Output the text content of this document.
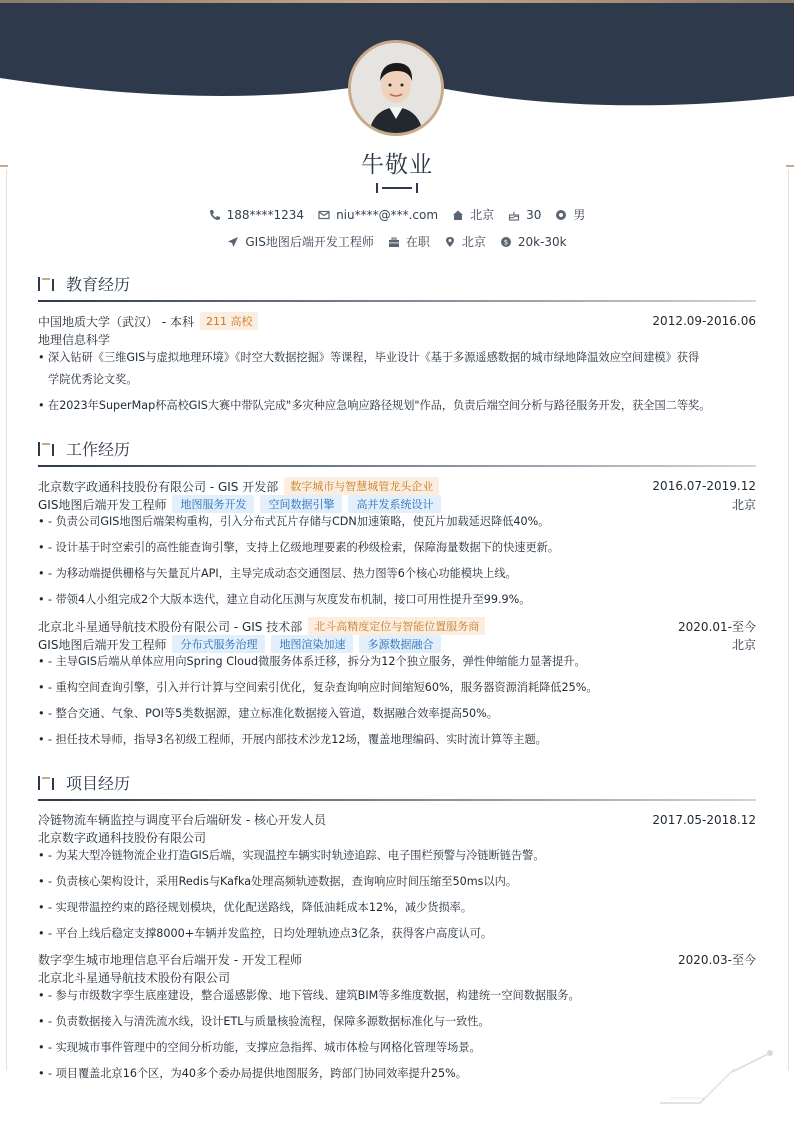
牛敬业
188****1234	niu****@***.com	北京	30	男
GIS地图后端开发工程师	在职	北京	$ 20k-30k
教育经历
中国地质大学（武汉） - 本科	211 高校	2012.09-2016.06
地理信息科学
• 深入钻研《三维GIS与虚拟地理环境》《时空大数据挖掘》等课程，毕业设计《基于多源遥感数据的城市绿地降温效应空间建模》获得
学院优秀论文奖。
• 在2023年SuperMap杯高校GIS大赛中带队完成"多灾种应急响应路径规划"作品，负责后端空间分析与路径服务开发，获全国二等奖。
工作经历
北京数字政通科技股份有限公司 - GIS 开发部	数字城市与智慧城管龙头企业	2016.07-2019.12
GIS地图后端开发工程师	地图服务开发	空间数据引擎	高并发系统设计	北京
• - 负责公司GIS地图后端架构重构，引入分布式瓦片存储与CDN加速策略，使瓦片加载延迟降低40%。
• - 设计基于时空索引的高性能查询引擎，支持上亿级地理要素的秒级检索，保障海量数据下的快速更新。
• - 为移动端提供栅格与矢量瓦片API，主导完成动态交通图层、热力图等6个核心功能模块上线。
• - 带领4人小组完成2个大版本迭代，建立自动化压测与灰度发布机制，接口可用性提升至99.9%。
北京北斗星通导航技术股份有限公司 - GIS 技术部	北斗高精度定位与智能位置服务商	2020.01-至今
GIS地图后端开发工程师	分布式服务治理	地图渲染加速	多源数据融合	北京
• - 主导GIS后端从单体应用向Spring Cloud微服务体系迁移，拆分为12个独立服务，弹性伸缩能力显著提升。
• - 重构空间查询引擎，引入并行计算与空间索引优化，复杂查询响应时间缩短60%，服务器资源消耗降低25%。
• - 整合交通、气象、POI等5类数据源，建立标准化数据接入管道，数据融合效率提高50%。
• - 担任技术导师，指导3名初级工程师，开展内部技术沙龙12场，覆盖地理编码、实时流计算等主题。
项目经历
冷链物流车辆监控与调度平台后端研发 - 核心开发人员	2017.05-2018.12
北京数字政通科技股份有限公司
• - 为某大型冷链物流企业打造GIS后端，实现温控车辆实时轨迹追踪、电子围栏预警与冷链断链告警。
• - 负责核心架构设计，采用Redis与Kafka处理高频轨迹数据，查询响应时间压缩至50ms以内。
• - 实现带温控约束的路径规划模块，优化配送路线，降低油耗成本12%，减少货损率。
• - 平台上线后稳定支撑8000+车辆并发监控，日均处理轨迹点3亿条，获得客户高度认可。
数字孪生城市地理信息平台后端开发 - 开发工程师	2020.03-至今
北京北斗星通导航技术股份有限公司
• - 参与市级数字孪生底座建设，整合遥感影像、地下管线、建筑BIM等多维度数据，构建统一空间数据服务。
• - 负责数据接入与清洗流水线，设计ETL与质量核验流程，保障多源数据标准化与一致性。
• - 实现城市事件管理中的空间分析功能，支撑应急指挥、城市体检与网格化管理等场景。
• - 项目覆盖北京16个区，为40多个委办局提供地图服务，跨部门协同效率提升25%。
